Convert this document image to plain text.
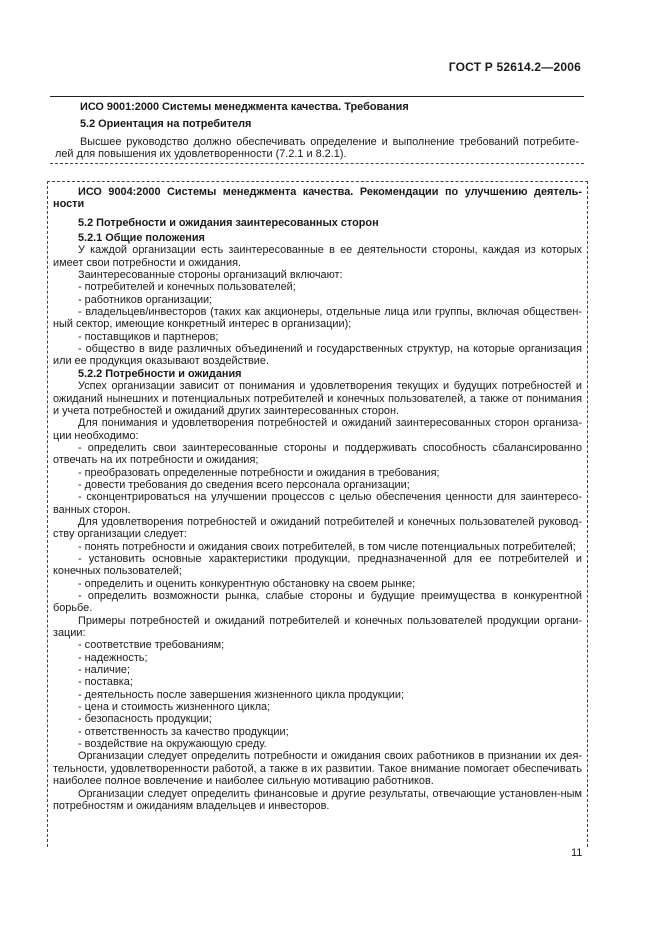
ГОСТ Р 52614.2—2006

ИСО 9001:2000 Системы менеджмента качества. Требования

5.2 Ориентация на потребителя

Высшее руководство должно обеспечивать определение и выполнение требований потребите-лей для повышения их удовлетворенности (7.2.1 и 8.2.1).

ИСО 9004:2000 Системы менеджмента качества. Рекомендации по улучшению деятель-ности

5.2 Потребности и ожидания заинтересованных сторон

5.2.1 Общие положения

У каждой организации есть заинтересованные в ее деятельности стороны, каждая из которых имеет свои потребности и ожидания.

Заинтересованные стороны организаций включают:

- потребителей и конечных пользователей;

- работников организации;

- владельцев/инвесторов (таких как акционеры, отдельные лица или группы, включая обществен-ный сектор, имеющие конкретный интерес в организации);

- поставщиков и партнеров;

- общество в виде различных объединений и государственных структур, на которые организация или ее продукция оказывают воздействие.

5.2.2 Потребности и ожидания

Успех организации зависит от понимания и удовлетворения текущих и будущих потребностей и ожиданий нынешних и потенциальных потребителей и конечных пользователей, а также от понимания и учета потребностей и ожиданий других заинтересованных сторон.

Для понимания и удовлетворения потребностей и ожиданий заинтересованных сторон организа-ции необходимо:

- определить свои заинтересованные стороны и поддерживать способность сбалансированно отвечать на их потребности и ожидания;

- преобразовать определенные потребности и ожидания в требования;

- довести требования до сведения всего персонала организации;

- сконцентрироваться на улучшении процессов с целью обеспечения ценности для заинтересо-ванных сторон.

Для удовлетворения потребностей и ожиданий потребителей и конечных пользователей руковод-ству организации следует:

- понять потребности и ожидания своих потребителей, в том числе потенциальных потребителей;

- установить основные характеристики продукции, предназначенной для ее потребителей и конечных пользователей;

- определить и оценить конкурентную обстановку на своем рынке;

- определить возможности рынка, слабые стороны и будущие преимущества в конкурентной борьбе.

Примеры потребностей и ожиданий потребителей и конечных пользователей продукции органи-зации:

- соответствие требованиям;

- надежность;

- наличие;

- поставка;

- деятельность после завершения жизненного цикла продукции;

- цена и стоимость жизненного цикла;

- безопасность продукции;

- ответственность за качество продукции;

- воздействие на окружающую среду.

Организации следует определить потребности и ожидания своих работников в признании их дея-тельности, удовлетворенности работой, а также в их развитии. Такое внимание помогает обеспечивать наиболее полное вовлечение и наиболее сильную мотивацию работников.

Организации следует определить финансовые и другие результаты, отвечающие установлен-ным потребностям и ожиданиям владельцев и инвесторов.

11
